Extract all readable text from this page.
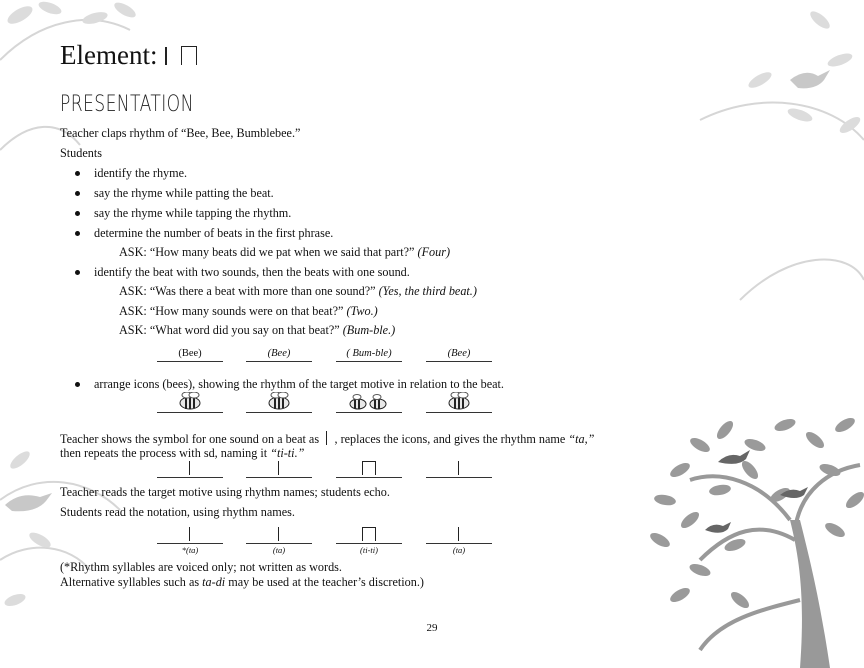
Element:
PRESENTATION
Teacher claps rhythm of “Bee, Bee, Bumblebee.”
Students
identify the rhyme.
say the rhyme while patting the beat.
say the rhyme while tapping the rhythm.
determine the number of beats in the first phrase.
ASK: “How many beats did we pat when we said that part?” (Four)
identify the beat with two sounds, then the beats with one sound.
ASK: “Was there a beat with more than one sound?” (Yes, the third beat.)
ASK: “How many sounds were on that beat?” (Two.)
ASK: “What word did you say on that beat?” (Bum-ble.)
(Bee)	(Bee)	( Bum-ble)	(Bee)
arrange icons (bees), showing the rhythm of the target motive in relation to the beat.
Teacher shows the symbol for one sound on a beat as , replaces the icons, and gives the rhythm name “ta,”
then repeats the process with sd, naming it “ti-ti.”
Teacher reads the target motive using rhythm names; students echo.
Students read the notation, using rhythm names.
*(ta)	(ta)	(ti-ti)	(ta)
(*Rhythm syllables are voiced only; not written as words.
Alternative syllables such as ta-di may be used at the teacher’s discretion.)
29
